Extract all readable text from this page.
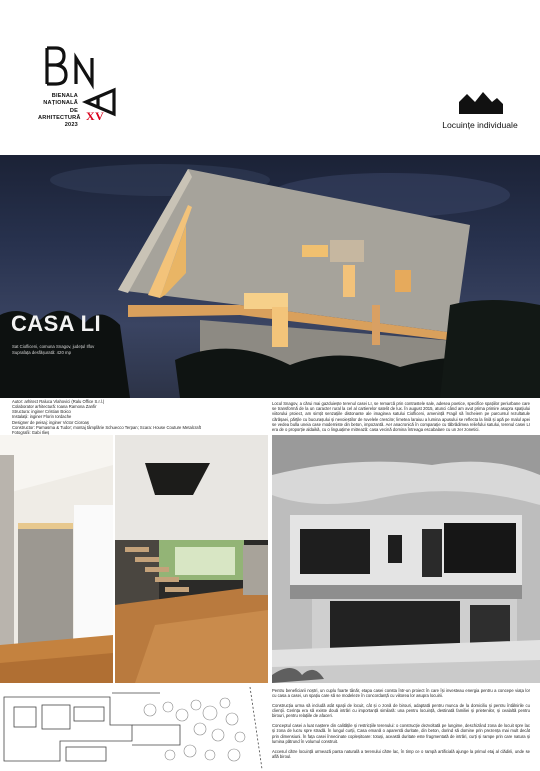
BIENALA
NAȚIONALĂ
DE
ARHITECTURĂ
2023
XV
Locuințe individuale
CASA LI
Sat Ciofliceni, comuna Snagov, județul Ilfov
Suprafața desfășurată: 420 mp
Autor: arhitect Raluca Vlahovici (Ralu Office S.r.l.)
Colaborator arhitectură: Ioana Ramona Zanfir
Structura: inginer Cristian Boico
Instalații: inginer Florin Iordache
Designer de peisaj: inginer Victor Cioroaș
Constructor: Parnasma & Tudor; montaj tâmplărie Schuecco Terpan; Scara: House Couture Metalcraft
Fotografii: Gabi Ilieș
Locul Snagov, a cărui mai gazduiește terenul casei LI, se remarcă prin contrastele sale, adesea poetice, specifice spațiilor periurbane care se transformă de la un caracter rural la cel al cartierelor satelit de lux. În august 2015, atunci când am avut prima primire asupra spațiului viitorului proiect, am simțit senzațiile distonante ale imaginea satului Ciofliceni, amenință Fragil să încheiem pe parcursul rezultatule cărășaei, părțile cu bucurașului și nevoieștilor de ruvelele crescite; limetea laraiuu a lumina apusului se reflecta la liniă și apă pe malul apei se vedea bulla uneia case moderniste din beton, impozantă. Aer anacronică în comparație cu tăbrădimea reliefului satului, terenul casei LI era de o proporție aldaikă, cu o linguațime mitrează: casa vecină domina întreaga escabalare cu un zer zonetici.

Pentru beneficiarii noștri, un cuplu foarte tânăr, etapa casei consta într-un proiect în care își investeau energia pentru a concepe viața lor cu casa a casei, un spațiu care să se modeleze în concordanță cu viitorea lor asupra locuirii.

Construcția urma să includă atât spații de locuit, cât și o zonă de birouri, adaptată pentru munca de la domiciliu și pentru întâlnirile cu clienții. Cerința era să existe două intrări cu importanță similară: una pentru locuință, destinată familiei și prietenilor, și cealaltă pentru birouri, pentru relațiile de afaceri.

Conceptul casei a luat naștere din calitățile și restricțiile terenului: o construcție dezvoltată pe lungime, deschizând zona de locuit spre lac și zona de lucru spre stradă. În lungul curții, Casa emană o aparentă duritate, din beton, dorind să domine prin prezența mai mult decât prin dimensiuni. În fața casei înnecinate copleșitoare: totuși, această duritate este fragmentată de intrări, curți și rampe prin care natura și lumina pătrund în volumul construit.

Accesul către locuință urmează panta naturală a terenului către lac, în timp ce o rampă artificială ajunge la primul etaj al clădirii, unde se află biroul.
